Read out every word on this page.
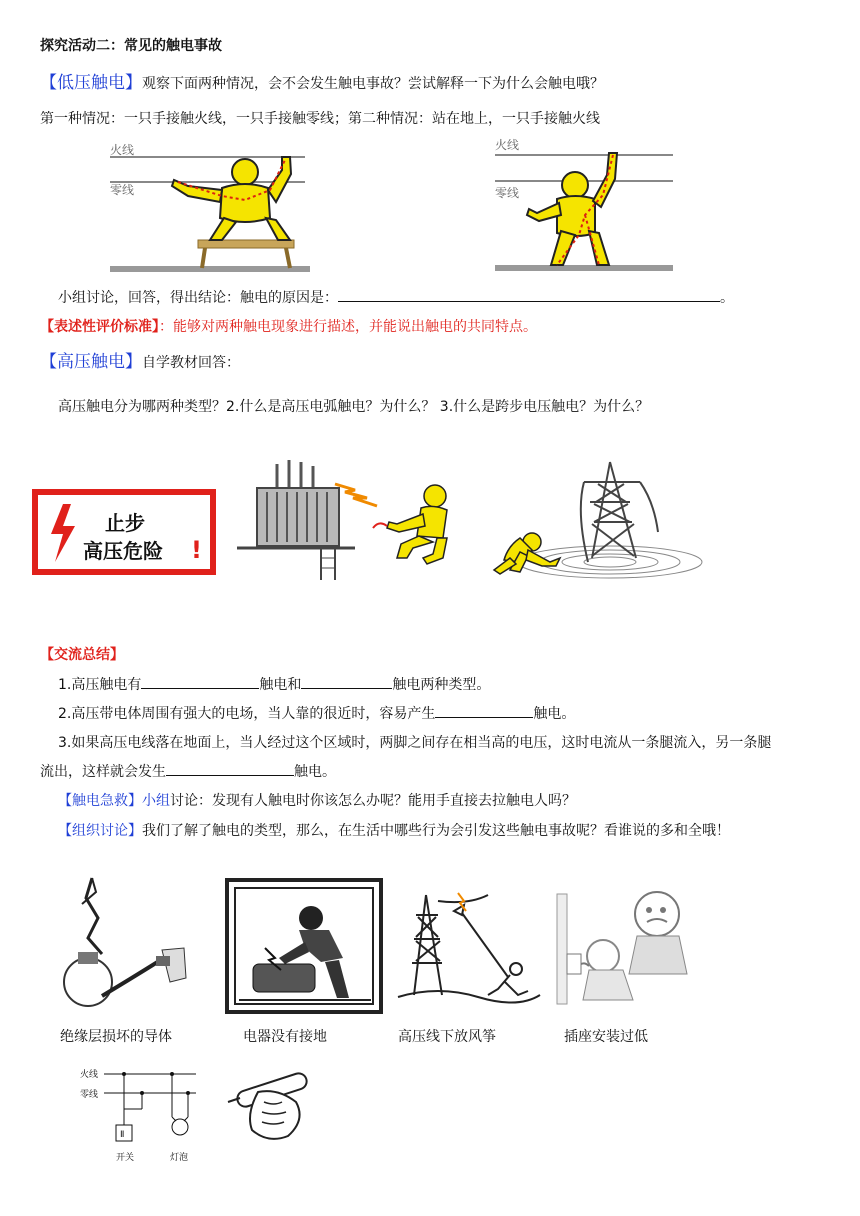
探究活动二：常见的触电事故
【低压触电】观察下面两种情况，会不会发生触电事故？尝试解释一下为什么会触电哦？
第一种情况：一只手接触火线，一只手接触零线；第二种情况：站在地上，一只手接触火线
火线
零线
火线
零线
小组讨论，回答，得出结论：触电的原因是：	。
【表述性评价标准】：能够对两种触电现象进行描述，并能说出触电的共同特点。
【高压触电】自学教材回答：
高压触电分为哪两种类型？2.什么是高压电弧触电？为什么？ 3.什么是跨步电压触电？为什么？
止步
高压危险 !
【交流总结】
1.高压触电有	触电和	触电两种类型。
2.高压带电体周围有强大的电场，当人靠的很近时，容易产生	触电。
3.如果高压电线落在地面上，当人经过这个区域时，两脚之间存在相当高的电压，这时电流从一条腿流入，另一条腿
流出，这样就会发生	触电。
【触电急救】小组讨论：发现有人触电时你该怎么办呢？能用手直接去拉触电人吗？
【组织讨论】我们了解了触电的类型，那么，在生活中哪些行为会引发这些触电事故呢？看谁说的多和全哦！
绝缘层损坏的导体	电器没有接地	高压线下放风筝	插座安装过低
火线
零线
Ⅱ
开关	灯泡
